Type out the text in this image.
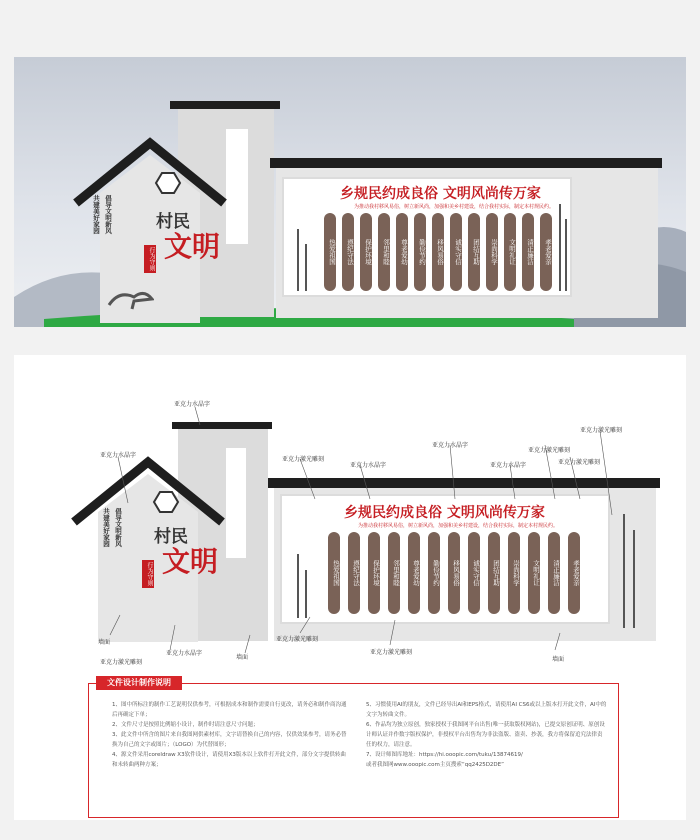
倡导文明新风
共建美好家园	村民
文明
行为守则
乡规民约成良俗 文明风尚传万家
为推动我村移风易俗，树立新风尚，加强和美乡村建设，结合我村实际，制定本村规民约。
热爱祖国	遵纪守法	保护环境	邻里和睦	尊老爱幼	勤俭节约	移风易俗	诚实守信	团结互助	崇尚科学	文明礼让	清正廉洁	孝老爱亲
倡导文明新风
共建美好家园	村民
文明
行为守则
乡规民约成良俗 文明风尚传万家
为推动我村移风易俗，树立新风尚，加强和美乡村建设，结合我村实际，制定本村规民约。
热爱祖国	遵纪守法	保护环境	邻里和睦	尊老爱幼	勤俭节约	移风易俗	诚实守信	团结互助	崇尚科学	文明礼让	清正廉洁	孝老爱亲
亚克力水晶字
亚克力水晶字
亚克力激光雕刻
亚克力水晶字
亚克力水晶字
亚克力水晶字
亚克力激光雕刻
亚克力激光雕刻
亚克力激光雕刻
墙面
亚克力水晶字
亚克力激光雕刻
墙面
亚克力激光雕刻
亚克力激光雕刻
墙面
文件设计制作说明
1、图中所标注的制作工艺说明仅供参考，可根据成本和制作需要自行更改，请务必和制作商沟通
后再确定下单；
2、文件尺寸是按照比例缩小设计，制作时请注意尺寸问题；
3、此文件中所含的图片来自我图网供素材库，文字请替换自己的内容，仅供效果参考，请务必替
换为自己的文字或图片；（LOGO）为代替图形；
4、源文件采用coreldraw X3软件设计，请使用X3版本以上软件打开此文件，部分文字提供转曲
和未转曲两种方案；
5、习惯使用AI的朋友，文件已经导出AI和EPS格式，请使用AI CS6或以上版本打开此文件，AI中的
文字为转曲文件。
6、作品均为独立原创，独家授权于我图网平台出售(唯一获取版权网站)，已提交原创证明、原创设
计师认证并作数字版权保护，非授权平台出售均为非法盗版、盗卖、抄袭，我方将保留追究法律责
任的权力，请注意。
7、设计师图库地址：https://hi.ooopic.com/tuku/13874619/
或者我图网www.ooopic.com主页搜索“qq2425D2DE”
